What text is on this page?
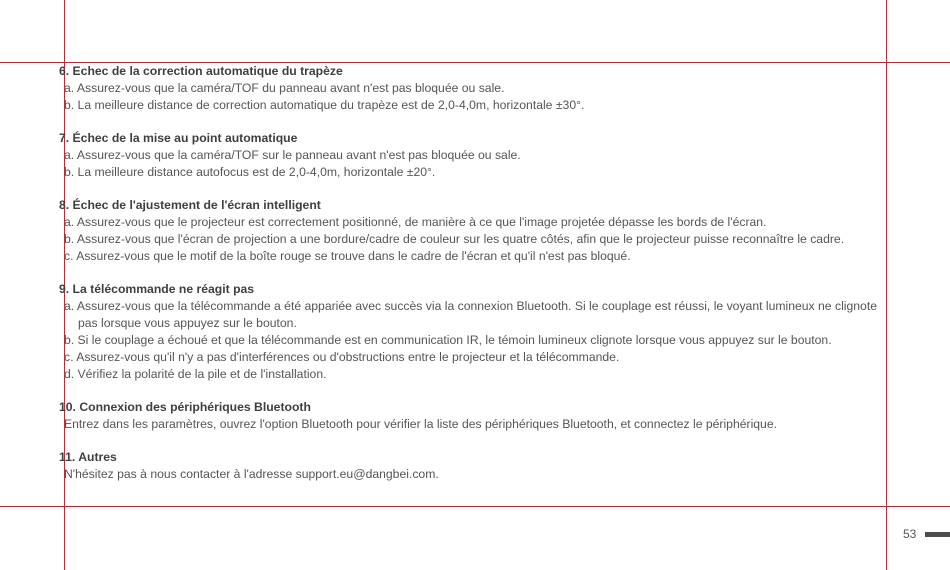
6. Echec de la correction automatique du trapèze
a. Assurez-vous que la caméra/TOF du panneau avant n'est pas bloquée ou sale.
b. La meilleure distance de correction automatique du trapèze est de 2,0-4,0m, horizontale ±30°.
7. Échec de la mise au point automatique
a. Assurez-vous que la caméra/TOF sur le panneau avant n'est pas bloquée ou sale.
b. La meilleure distance autofocus est de 2,0-4,0m, horizontale ±20°.
8. Échec de l'ajustement de l'écran intelligent
a. Assurez-vous que le projecteur est correctement positionné, de manière à ce que l'image projetée dépasse les bords de l'écran.
b. Assurez-vous que l'écran de projection a une bordure/cadre de couleur sur les quatre côtés, afin que le projecteur puisse reconnaître le cadre.
c. Assurez-vous que le motif de la boîte rouge se trouve dans le cadre de l'écran et qu'il n'est pas bloqué.
9. La télécommande ne réagit pas
a. Assurez-vous que la télécommande a été appariée avec succès via la connexion Bluetooth. Si le couplage est réussi, le voyant lumineux ne clignote pas lorsque vous appuyez sur le bouton.
b. Si le couplage a échoué et que la télécommande est en communication IR, le témoin lumineux clignote lorsque vous appuyez sur le bouton.
c. Assurez-vous qu'il n'y a pas d'interférences ou d'obstructions entre le projecteur et la télécommande.
d. Vérifiez la polarité de la pile et de l'installation.
10. Connexion des périphériques Bluetooth
Entrez dans les paramètres, ouvrez l'option Bluetooth pour vérifier la liste des périphériques Bluetooth, et connectez le périphérique.
11. Autres
N'hésitez pas à nous contacter à l'adresse support.eu@dangbei.com.
53
